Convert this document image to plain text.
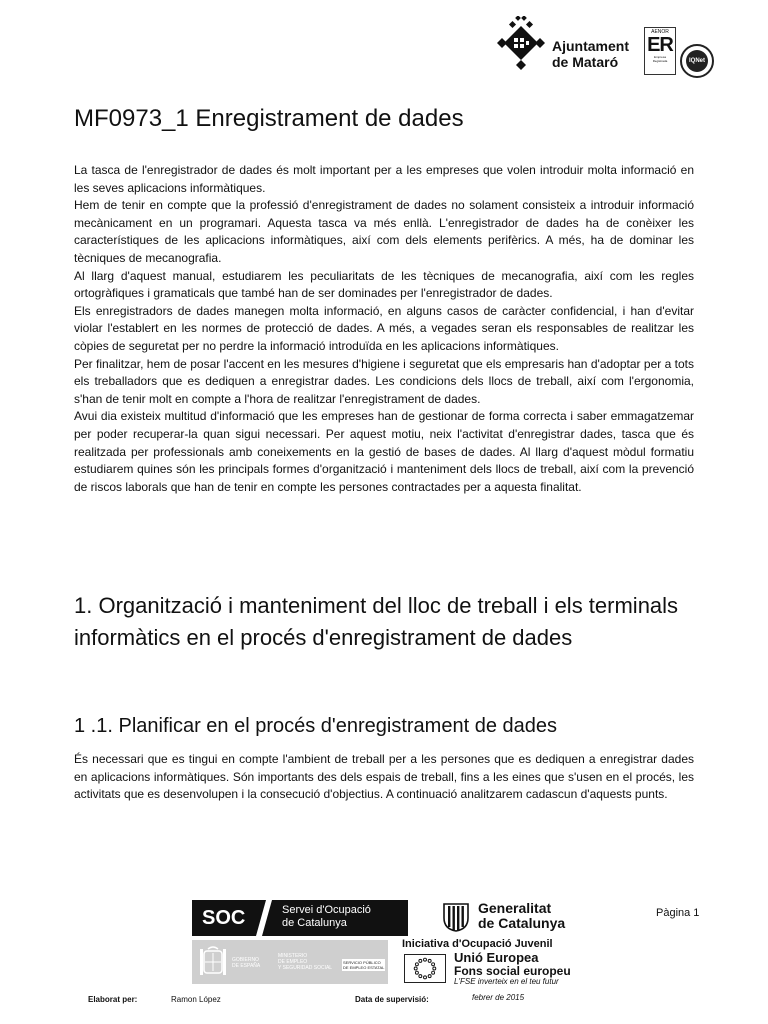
Ajuntament
de Mataró
AENOR
ER
Empresa
Registrada	IQNet
MF0973_1 Enregistrament de dades

La tasca de l'enregistrador de dades és molt important per a les empreses que volen introduir molta informació en les seves aplicacions informàtiques.

Hem de tenir en compte que la professió d'enregistrament de dades no solament consisteix a introduir informació mecànicament en un programari. Aquesta tasca va més enllà. L'enregistrador de dades ha de conèixer les característiques de les aplicacions informàtiques, així com dels elements perifèrics. A més, ha de dominar les tècniques de mecanografia.

Al llarg d'aquest manual, estudiarem les peculiaritats de les tècniques de mecanografia, així com les regles ortogràfiques i gramaticals que també han de ser dominades per l'enregistrador de dades.

Els enregistradors de dades manegen molta informació, en alguns casos de caràcter confidencial, i han d'evitar violar l'establert en les normes de protecció de dades. A més, a vegades seran els responsables de realitzar les còpies de seguretat per no perdre la informació introduïda en les aplicacions informàtiques.

Per finalitzar, hem de posar l'accent en les mesures d'higiene i seguretat que els empresaris han d'adoptar per a tots els treballadors que es dediquen a enregistrar dades. Les condicions dels llocs de treball, així com l'ergonomia, s'han de tenir molt en compte a l'hora de realitzar l'enregistrament de dades.

Avui dia existeix multitud d'informació que les empreses han de gestionar de forma correcta i saber emmagatzemar per poder recuperar-la quan sigui necessari. Per aquest motiu, neix l'activitat d'enregistrar dades, tasca que és realitzada per professionals amb coneixements en la gestió de bases de dades. Al llarg d'aquest mòdul formatiu estudiarem quines són les principals formes d'organització i manteniment dels llocs de treball, així com la prevenció de riscos laborals que han de tenir en compte les persones contractades per a aquesta finalitat.

1. Organització i manteniment del lloc de treball i els terminals informàtics en el procés d'enregistrament de dades
1 .1. Planificar en el procés d'enregistrament de dades

És necessari que es tingui en compte l'ambient de treball per a les persones que es dediquen a enregistrar dades en aplicacions informàtiques. Són importants des dels espais de treball, fins a les eines que s'usen en el procés, les activitats que es desenvolupen i la consecució d'objectius. A continuació analitzarem cadascun d'aquests punts.

SOC	Servei d'Ocupació
de Catalunya
Generalitat
de Catalunya
GOBIERNO
DE ESPAÑA
MINISTERIO
DE EMPLEO
Y SEGURIDAD SOCIAL
SERVICIO PÚBLICO
DE EMPLEO ESTATAL
Iniciativa d'Ocupació Juvenil
Unió Europea
Fons social europeu
L'FSE inverteix en el teu futur
Pàgina 1
Elaborat per:	Ramon López	Data de supervisió:	febrer de 2015
